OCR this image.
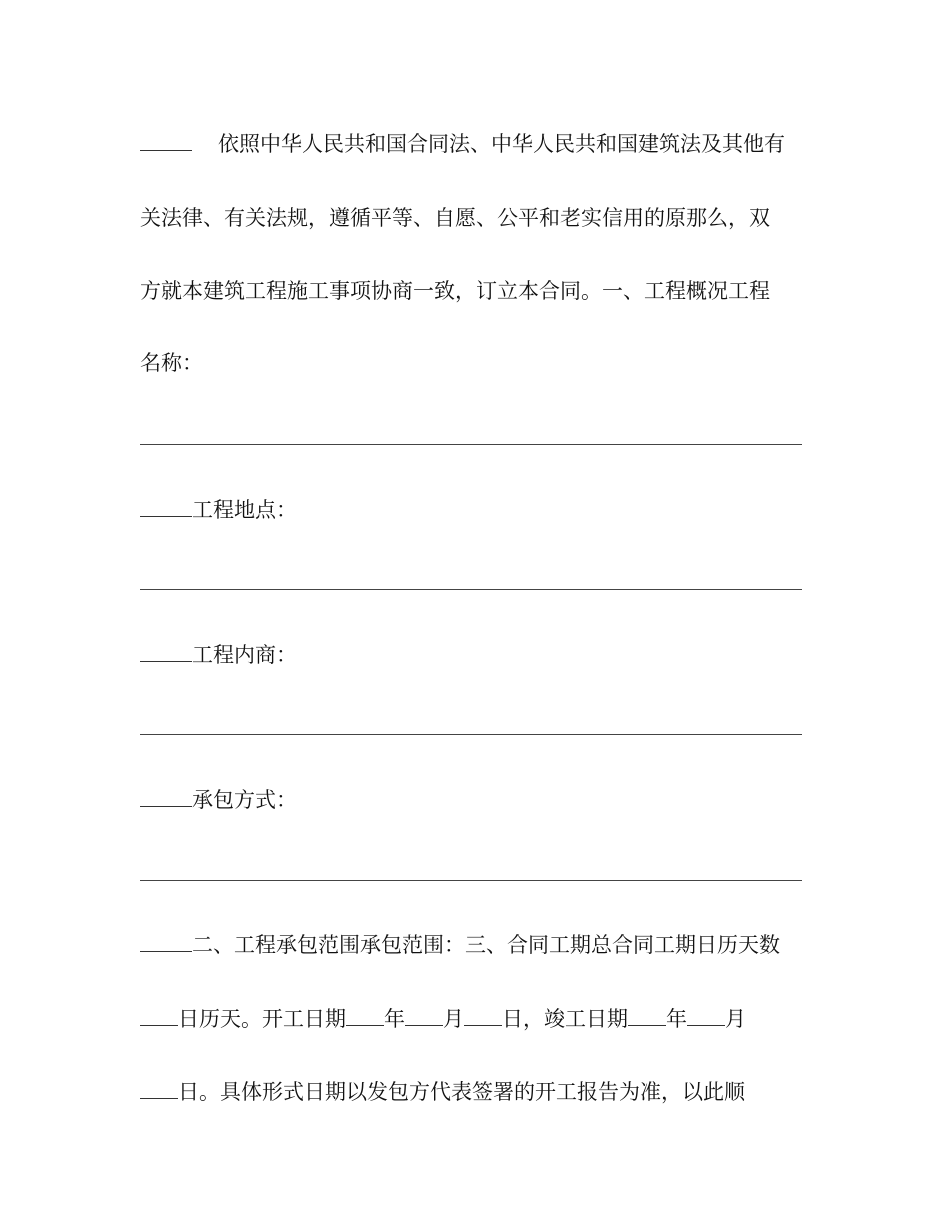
依照中华人民共和国合同法、中华人民共和国建筑法及其他有
关法律、有关法规，遵循平等、自愿、公平和老实信用的原那么，双
方就本建筑工程施工事项协商一致，订立本合同。一、工程概况工程
名称：
工程地点：
工程内商：
承包方式：
二、工程承包范围承包范围：三、合同工期总合同工期日历天数
日历天。开工日期 年 月 日，竣工日期 年 月
日。具体形式日期以发包方代表签署的开工报告为准，以此顺
